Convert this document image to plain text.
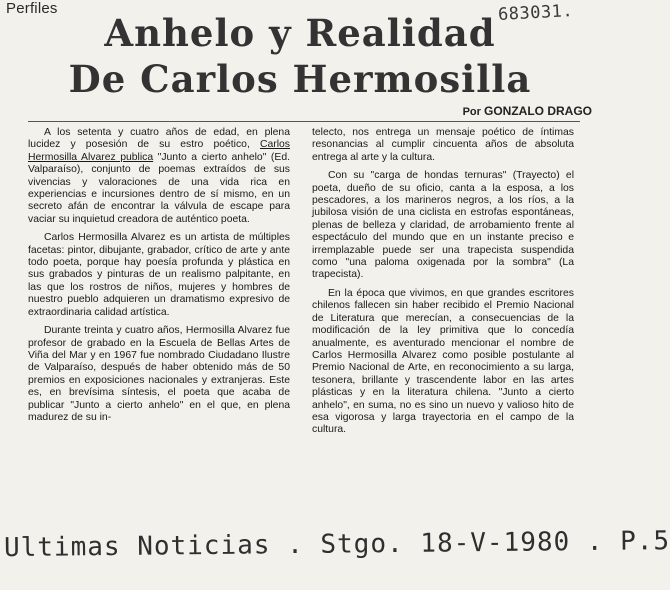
Perfiles	683031.
Anhelo y Realidad
De Carlos Hermosilla
Por GONZALO DRAGO

A los setenta y cuatro años de edad, en plena lucidez y posesión de su estro poético, Carlos Hermosilla Alvarez publica "Junto a cierto anhelo" (Ed. Valparaíso), conjunto de poemas extraídos de sus vivencias y valoraciones de una vida rica en experiencias e incursiones dentro de sí mismo, en un secreto afán de encontrar la válvula de escape para vaciar su inquietud creadora de auténtico poeta.

Carlos Hermosilla Alvarez es un artista de múltiples facetas: pintor, dibujante, grabador, crítico de arte y ante todo poeta, porque hay poesía profunda y plástica en sus grabados y pinturas de un realismo palpitante, en las que los rostros de niños, mujeres y hombres de nuestro pueblo adquieren un dramatismo expresivo de extraordinaria calidad artística.

Durante treinta y cuatro años, Hermosilla Alvarez fue profesor de grabado en la Escuela de Bellas Artes de Viña del Mar y en 1967 fue nombrado Ciudadano Ilustre de Valparaíso, después de haber obtenido más de 50 premios en exposiciones nacionales y extranjeras. Este es, en brevísima síntesis, el poeta que acaba de publicar "Junto a cierto anhelo" en el que, en plena madurez de su in-

telecto, nos entrega un mensaje poético de íntimas resonancias al cumplir cincuenta años de absoluta entrega al arte y la cultura.

Con su "carga de hondas ternuras" (Trayecto) el poeta, dueño de su oficio, canta a la esposa, a los pescadores, a los marineros negros, a los ríos, a la jubilosa visión de una ciclista en estrofas espontáneas, plenas de belleza y claridad, de arrobamiento frente al espectáculo del mundo que en un instante preciso e irremplazable puede ser una trapecista suspendida como "una paloma oxigenada por la sombra" (La trapecista).

En la época que vivimos, en que grandes escritores chilenos fallecen sin haber recibido el Premio Nacional de Literatura que merecían, a consecuencias de la modificación de la ley primitiva que lo concedía anualmente, es aventurado mencionar el nombre de Carlos Hermosilla Alvarez como posible postulante al Premio Nacional de Arte, en reconocimiento a su larga, tesonera, brillante y trascendente labor en las artes plásticas y en la literatura chilena. "Junto a cierto anhelo", en suma, no es sino un nuevo y valioso hito de esa vigorosa y larga trayectoria en el campo de la cultura.

Ultimas Noticias . Stgo. 18-V-1980 . P.5
